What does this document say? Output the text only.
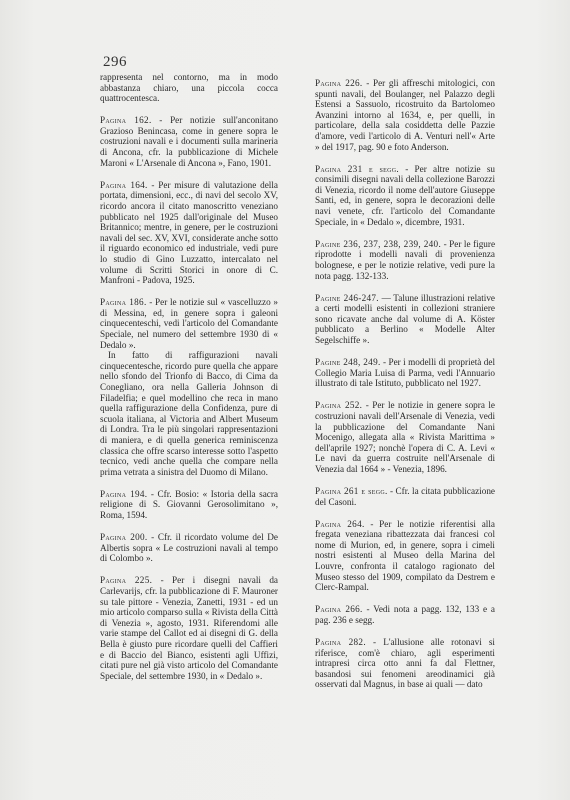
296
rappresenta nel contorno, ma in modo abbastanza chiaro, una piccola cocca quattrocentesca.
Pagina 162. - Per notizie sull'anconitano Grazioso Benincasa, come in genere sopra le costruzioni navali e i documenti sulla marineria di Ancona, cfr. la pubblicazione di Michele Maroni « L'Arsenale di Ancona », Fano, 1901.
Pagina 164. - Per misure di valutazione della portata, dimensioni, ecc., di navi del secolo XV, ricordo ancora il citato manoscritto veneziano pubblicato nel 1925 dall'originale del Museo Britannico; mentre, in genere, per le costruzioni navali del sec. XV, XVI, considerate anche sotto il riguardo economico ed industriale, vedi pure lo studio di Gino Luzzatto, intercalato nel volume di Scritti Storici in onore di C. Manfroni - Padova, 1925.
Pagina 186. - Per le notizie sul « vascelluzzo » di Messina, ed, in genere sopra i galeoni cinquecenteschi, vedi l'articolo del Comandante Speciale, nel numero del settembre 1930 di « Dedalo ».
In fatto di raffigurazioni navali cinquecentesche, ricordo pure quella che appare nello sfondo del Trionfo di Bacco, di Cima da Conegliano, ora nella Galleria Johnson di Filadelfia; e quel modellino che reca in mano quella raffigurazione della Confidenza, pure di scuola italiana, al Victoria and Albert Museum di Londra. Tra le più singolari rappresentazioni di maniera, e di quella generica reminiscenza classica che offre scarso interesse sotto l'aspetto tecnico, vedi anche quella che compare nella prima vetrata a sinistra del Duomo di Milano.
Pagina 194. - Cfr. Bosio: « Istoria della sacra religione di S. Giovanni Gerosolimitano », Roma, 1594.
Pagina 200. - Cfr. il ricordato volume del De Albertis sopra « Le costruzioni navali al tempo di Colombo ».
Pagina 225. - Per i disegni navali da Carlevarijs, cfr. la pubblicazione di F. Mauroner su tale pittore - Venezia, Zanetti, 1931 - ed un mio articolo comparso sulla « Rivista della Città di Venezia », agosto, 1931. Riferendomi alle varie stampe del Callot ed ai disegni di G. della Bella è giusto pure ricordare quelli del Caffieri e di Baccio del Bianco, esistenti agli Uffizi, citati pure nel già visto articolo del Comandante Speciale, del settembre 1930, in « Dedalo ».
Pagina 226. - Per gli affreschi mitologici, con spunti navali, del Boulanger, nel Palazzo degli Estensi a Sassuolo, ricostruito da Bartolomeo Avanzini intorno al 1634, e, per quelli, in particolare, della sala cosiddetta delle Pazzie d'amore, vedi l'articolo di A. Venturi nell'« Arte » del 1917, pag. 90 e foto Anderson.
Pagina 231 e segg. - Per altre notizie su consimili disegni navali della collezione Barozzi di Venezia, ricordo il nome dell'autore Giuseppe Santi, ed, in genere, sopra le decorazioni delle navi venete, cfr. l'articolo del Comandante Speciale, in « Dedalo », dicembre, 1931.
Pagine 236, 237, 238, 239, 240. - Per le figure riprodotte i modelli navali di provenienza bolognese, e per le notizie relative, vedi pure la nota pagg. 132-133.
Pagine 246-247. — Talune illustrazioni relative a certi modelli esistenti in collezioni straniere sono ricavate anche dal volume di A. Köster pubblicato a Berlino « Modelle Alter Segelschiffe ».
Pagine 248, 249. - Per i modelli di proprietà del Collegio Maria Luisa di Parma, vedi l'Annuario illustrato di tale Istituto, pubblicato nel 1927.
Pagina 252. - Per le notizie in genere sopra le costruzioni navali dell'Arsenale di Venezia, vedi la pubblicazione del Comandante Nani Mocenigo, allegata alla « Rivista Marittima » dell'aprile 1927; nonchè l'opera di C. A. Levi « Le navi da guerra costruite nell'Arsenale di Venezia dal 1664 » - Venezia, 1896.
Pagina 261 e segg. - Cfr. la citata pubblicazione del Casoni.
Pagina 264. - Per le notizie riferentisi alla fregata veneziana ribattezzata dai francesi col nome di Murion, ed, in genere, sopra i cimeli nostri esistenti al Museo della Marina del Louvre, confronta il catalogo ragionato del Museo stesso del 1909, compilato da Destrem e Clerc-Rampal.
Pagina 266. - Vedi nota a pagg. 132, 133 e a pag. 236 e segg.
Pagina 282. - L'allusione alle rotonavi si riferisce, com'è chiaro, agli esperimenti intrapresi circa otto anni fa dal Flettner, basandosi sui fenomeni areodinamici già osservati dal Magnus, in base ai quali — dato
